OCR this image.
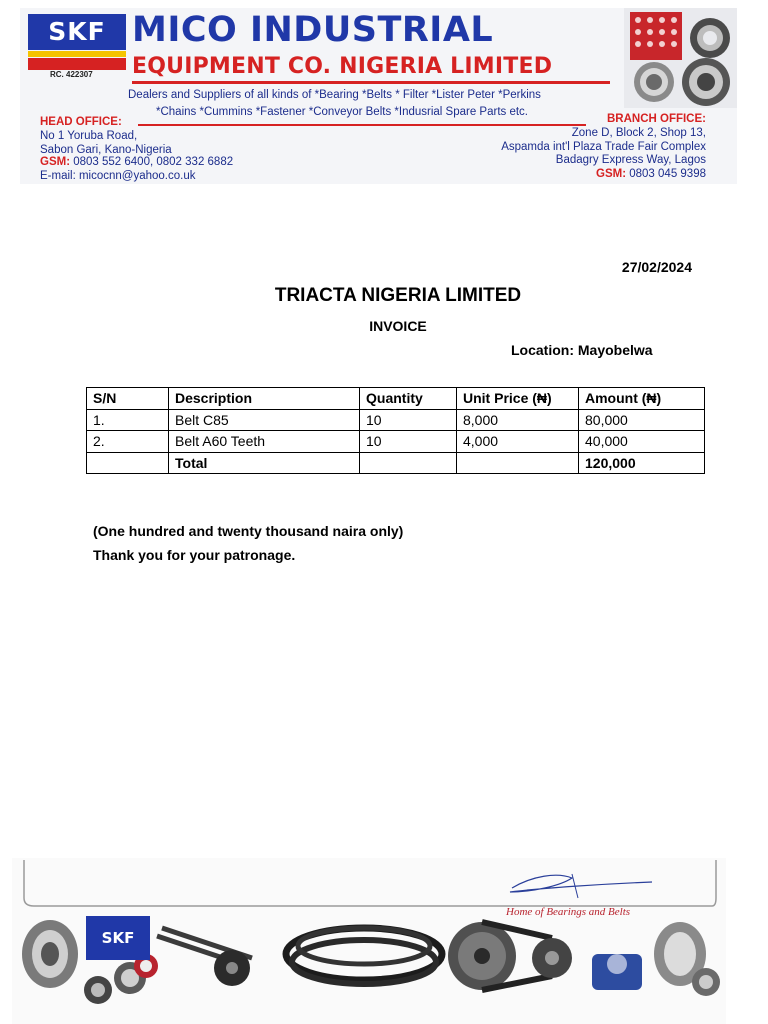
SKF
RC. 422307
MICO INDUSTRIAL
EQUIPMENT CO. NIGERIA LIMITED
Dealers and Suppliers of all kinds of *Bearing *Belts * Filter *Lister Peter *Perkins
*Chains *Cummins *Fastener *Conveyor Belts *Indusrial Spare Parts etc.
HEAD OFFICE:
No 1 Yoruba Road,
Sabon Gari, Kano-Nigeria
GSM: 0803 552 6400, 0802 332 6882
E-mail: micocnn@yahoo.co.uk
BRANCH OFFICE:
Zone D, Block 2, Shop 13,
Aspamda int'l Plaza Trade Fair Complex
Badagry Express Way, Lagos
GSM: 0803 045 9398
27/02/2024
TRIACTA NIGERIA LIMITED
INVOICE
Location: Mayobelwa
S/N	Description	Quantity	Unit Price (₦)	Amount (₦)
1.	Belt C85	10	8,000	80,000
2.	Belt A60 Teeth	10	4,000	40,000
	Total			120,000
(One hundred and twenty thousand naira only)
Thank you for your patronage.
SKF
Home of Bearings and Belts
